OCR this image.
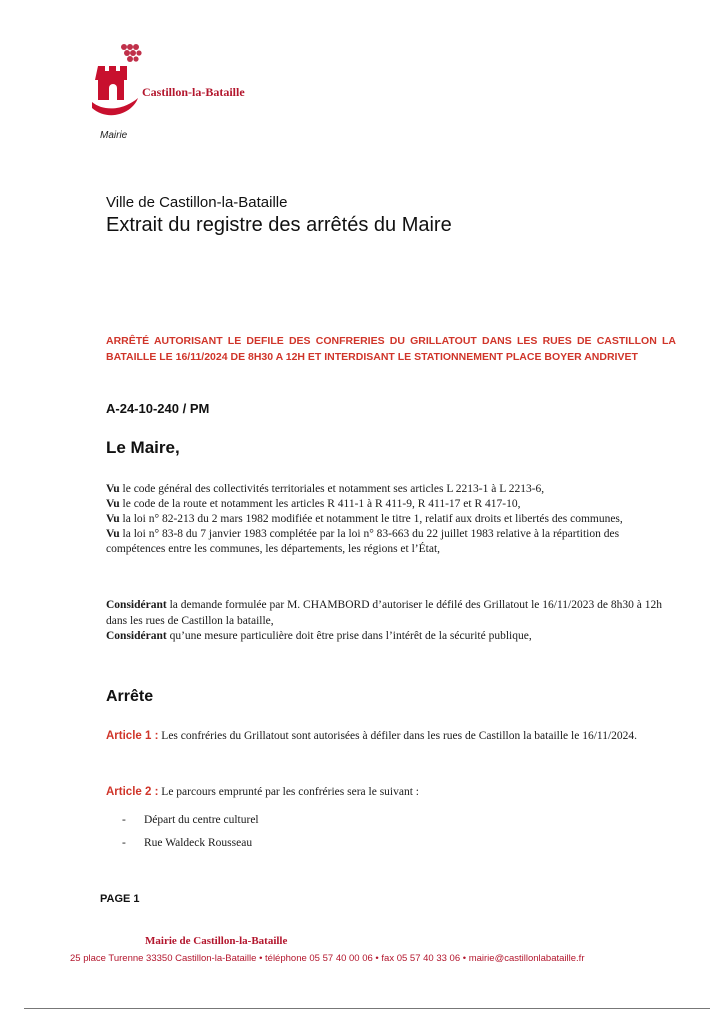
Castillon-la-Bataille
Mairie
Ville de Castillon-la-Bataille
Extrait du registre des arrêtés du Maire
ARRÊTÉ AUTORISANT LE DEFILE DES CONFRERIES DU GRILLATOUT DANS LES RUES DE CASTILLON LA BATAILLE LE 16/11/2024 DE 8H30 A 12H ET INTERDISANT LE STATIONNEMENT PLACE BOYER ANDRIVET
A-24-10-240 / PM
Le Maire,
Vu le code général des collectivités territoriales et notamment ses articles L 2213-1 à L 2213-6,
Vu le code de la route et notamment les articles R 411-1 à R 411-9, R 411-17 et R 417-10,
Vu la loi n° 82-213 du 2 mars 1982 modifiée et notamment le titre 1, relatif aux droits et libertés des communes,
Vu la loi n° 83-8 du 7 janvier 1983 complétée par la loi n° 83-663 du 22 juillet 1983 relative à la répartition des compétences entre les communes, les départements, les régions et l’État,
Considérant la demande formulée par M. CHAMBORD d’autoriser le défilé des Grillatout le 16/11/2023 de 8h30 à 12h dans les rues de Castillon la bataille,
Considérant qu’une mesure particulière doit être prise dans l’intérêt de la sécurité publique,
Arrête
Article 1 : Les confréries du Grillatout sont autorisées à défiler dans les rues de Castillon la bataille le 16/11/2024.
Article 2 : Le parcours emprunté par les confréries sera le suivant :
- Départ du centre culturel
- Rue Waldeck Rousseau
PAGE 1
Mairie de Castillon-la-Bataille
25 place Turenne 33350 Castillon-la-Bataille • téléphone 05 57 40 00 06 • fax 05 57 40 33 06 • mairie@castillonlabataille.fr
